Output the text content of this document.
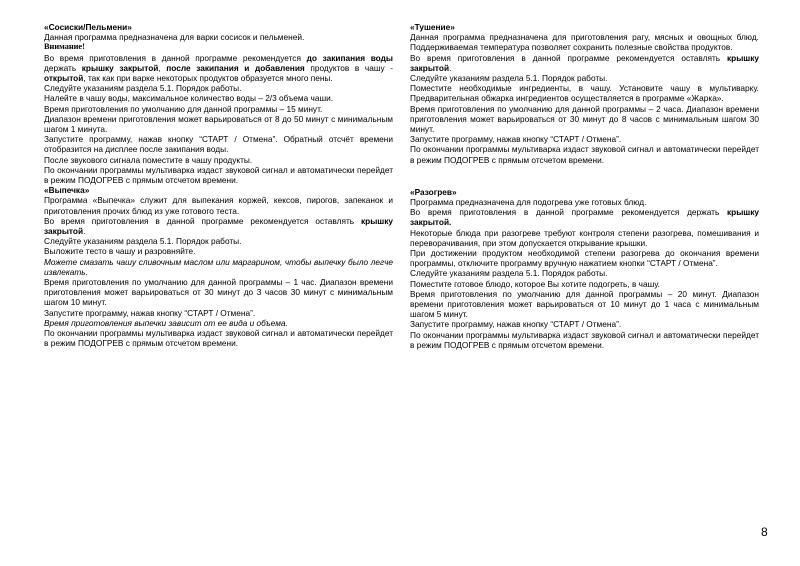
«Сосиски/Пельмени»
Данная программа предназначена для варки сосисок и пельменей.
Внимание!
Во время приготовления в данной программе рекомендуется до закипания воды держать крышку закрытой, после закипания и добавления продуктов в чашу - открытой, так как при варке некоторых продуктов образуется много пены.
Следуйте указаниям раздела 5.1. Порядок работы.
Налейте в чашу воды, максимальное количество воды – 2/3 объема чаши.
Время приготовления по умолчанию для данной программы – 15 минут.
Диапазон времени приготовления может варьироваться от 8 до 50 минут с минимальным шагом 1 минута.
Запустите программу, нажав кнопку “СТАРТ / Отмена”. Обратный отсчёт времени отобразится на дисплее после закипания воды.
После звукового сигнала поместите в чашу продукты.
По окончании программы мультиварка издаст звуковой сигнал и автоматически перейдет в режим ПОДОГРЕВ с прямым отсчетом времени.
«Выпечка»
Программа «Выпечка» служит для выпекания коржей, кексов, пирогов, запеканок и приготовления прочих блюд из уже готового теста.
Во время приготовления в данной программе рекомендуется оставлять крышку закрытой.
Следуйте указаниям раздела 5.1. Порядок работы.
Выложите тесто в чашу и разровняйте.
Можете смазать чашу сливочным маслом или маргарином, чтобы выпечку было легче извлекать.
Время приготовления по умолчанию для данной программы – 1 час. Диапазон времени приготовления может варьироваться от 30 минут до 3 часов 30 минут с минимальным шагом 10 минут.
Запустите программу, нажав кнопку “СТАРТ / Отмена”.
Время приготовления выпечки зависит от ее вида и объема.
По окончании программы мультиварка издаст звуковой сигнал и автоматически перейдет в режим ПОДОГРЕВ с прямым отсчетом времени.
«Тушение»
Данная программа предназначена для приготовления рагу, мясных и овощных блюд. Поддерживаемая температура позволяет сохранить полезные свойства продуктов.
Во время приготовления в данной программе рекомендуется оставлять крышку закрытой.
Следуйте указаниям раздела 5.1. Порядок работы.
Поместите необходимые ингредиенты, в чашу. Установите чашу в мультиварку. Предварительная обжарка ингредиентов осуществляется в программе «Жарка».
Время приготовления по умолчанию для данной программы – 2 часа. Диапазон времени приготовления может варьироваться от 30 минут до 8 часов с минимальным шагом 30 минут.
Запустите программу, нажав кнопку “СТАРТ / Отмена”.
По окончании программы мультиварка издаст звуковой сигнал и автоматически перейдет в режим ПОДОГРЕВ с прямым отсчетом времени.
«Разогрев»
Программа предназначена для подогрева уже готовых блюд.
Во время приготовления в данной программе рекомендуется держать крышку закрытой.
Некоторые блюда при разогреве требуют контроля степени разогрева, помешивания и переворачивания, при этом допускается открывание крышки.
При достижении продуктом необходимой степени разогрева до окончания времени программы, отключите программу вручную нажатием кнопки “СТАРТ / Отмена”.
Следуйте указаниям раздела 5.1. Порядок работы.
Поместите готовое блюдо, которое Вы хотите подогреть, в чашу.
Время приготовления по умолчанию для данной программы – 20 минут. Диапазон времени приготовления может варьироваться от 10 минут до 1 часа с минимальным шагом 5 минут.
Запустите программу, нажав кнопку “СТАРТ / Отмена”.
По окончании программы мультиварка издаст звуковой сигнал и автоматически перейдет в режим ПОДОГРЕВ с прямым отсчетом времени.
8
